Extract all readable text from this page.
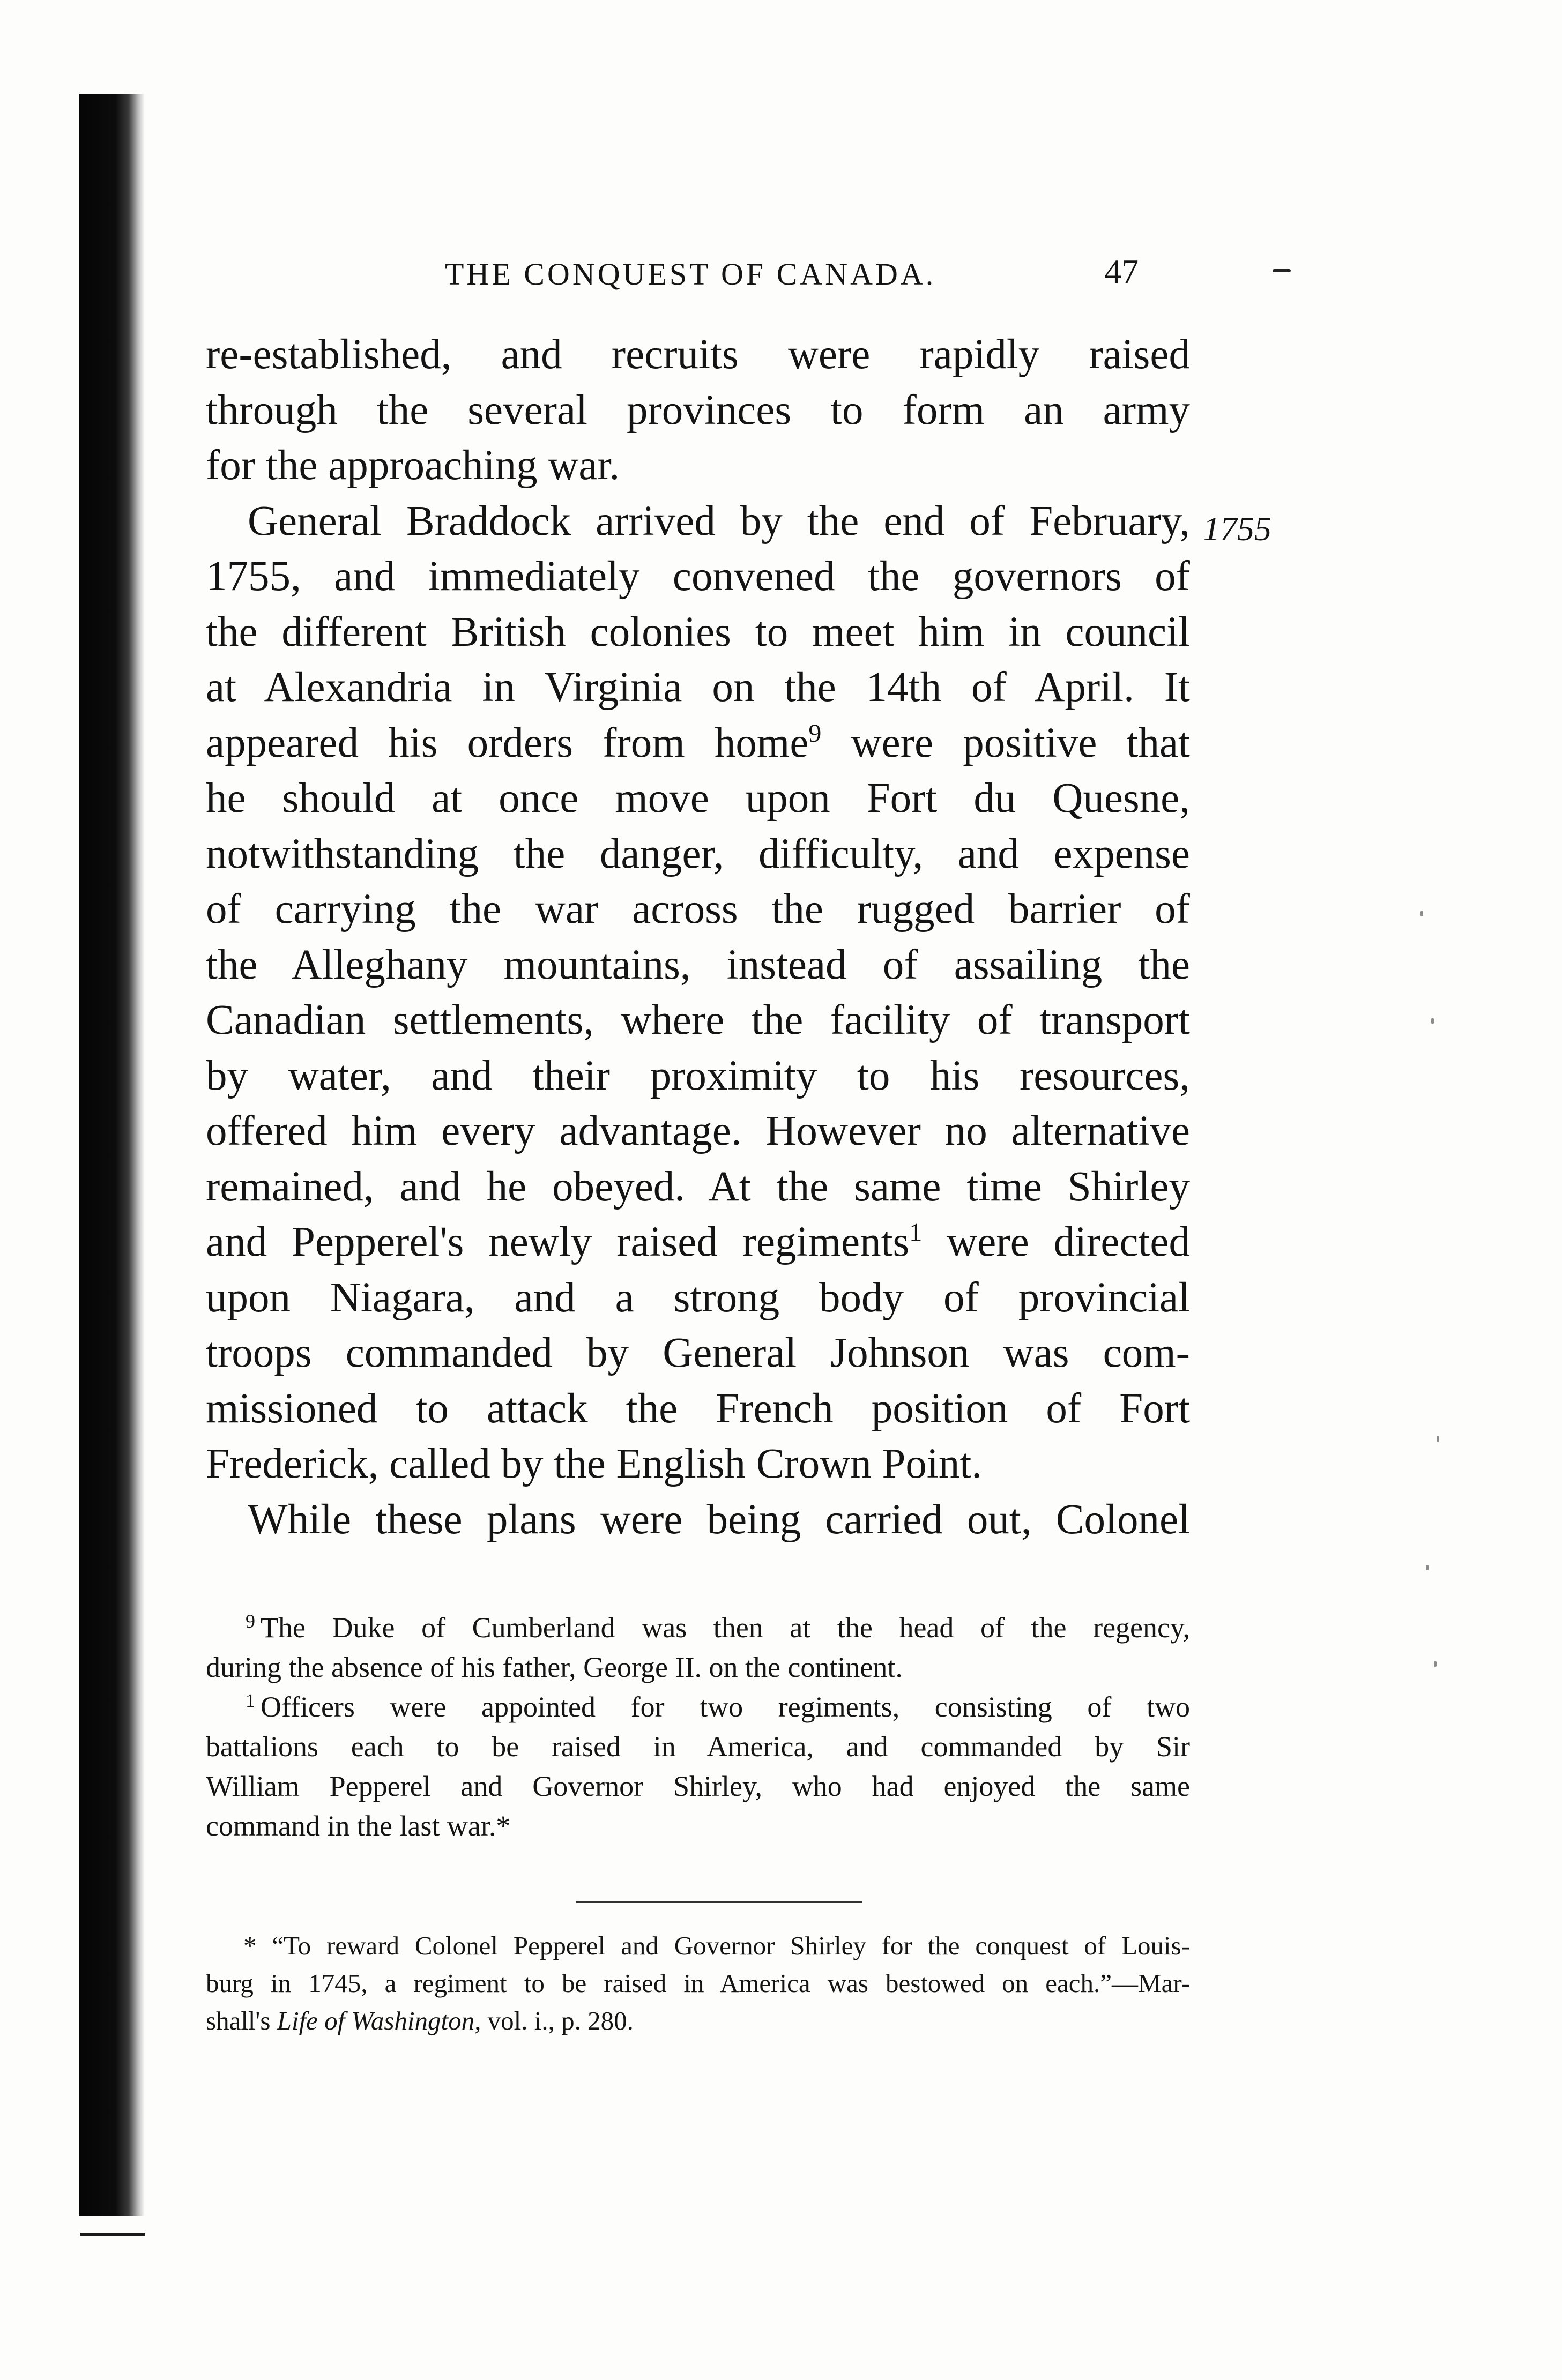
THE CONQUEST OF CANADA.	47
1755
re-established, and recruits were rapidly raised
through the several provinces to form an army
for the approaching war.
General Braddock arrived by the end of February,
1755, and immediately convened the governors of
the different British colonies to meet him in council
at Alexandria in Virginia on the 14th of April. It
appeared his orders from home$^9$ were positive that
he should at once move upon Fort du Quesne,
notwithstanding the danger, difficulty, and expense
of carrying the war across the rugged barrier of
the Alleghany mountains, instead of assailing the
Canadian settlements, where the facility of transport
by water, and their proximity to his resources,
offered him every advantage. However no alternative
remained, and he obeyed. At the same time Shirley
and Pepperel's newly raised regiments$^1$ were directed
upon Niagara, and a strong body of provincial
troops commanded by General Johnson was com-
missioned to attack the French position of Fort
Frederick, called by the English Crown Point.
While these plans were being carried out, Colonel
$^9$ The Duke of Cumberland was then at the head of the regency,
during the absence of his father, George II. on the continent.
$^1$ Officers were appointed for two regiments, consisting of two
battalions each to be raised in America, and commanded by Sir
William Pepperel and Governor Shirley, who had enjoyed the same
command in the last war.*
* “To reward Colonel Pepperel and Governor Shirley for the conquest of Louis-
burg in 1745, a regiment to be raised in America was bestowed on each.”—Mar-
shall's Life of Washington, vol. i., p. 280.
